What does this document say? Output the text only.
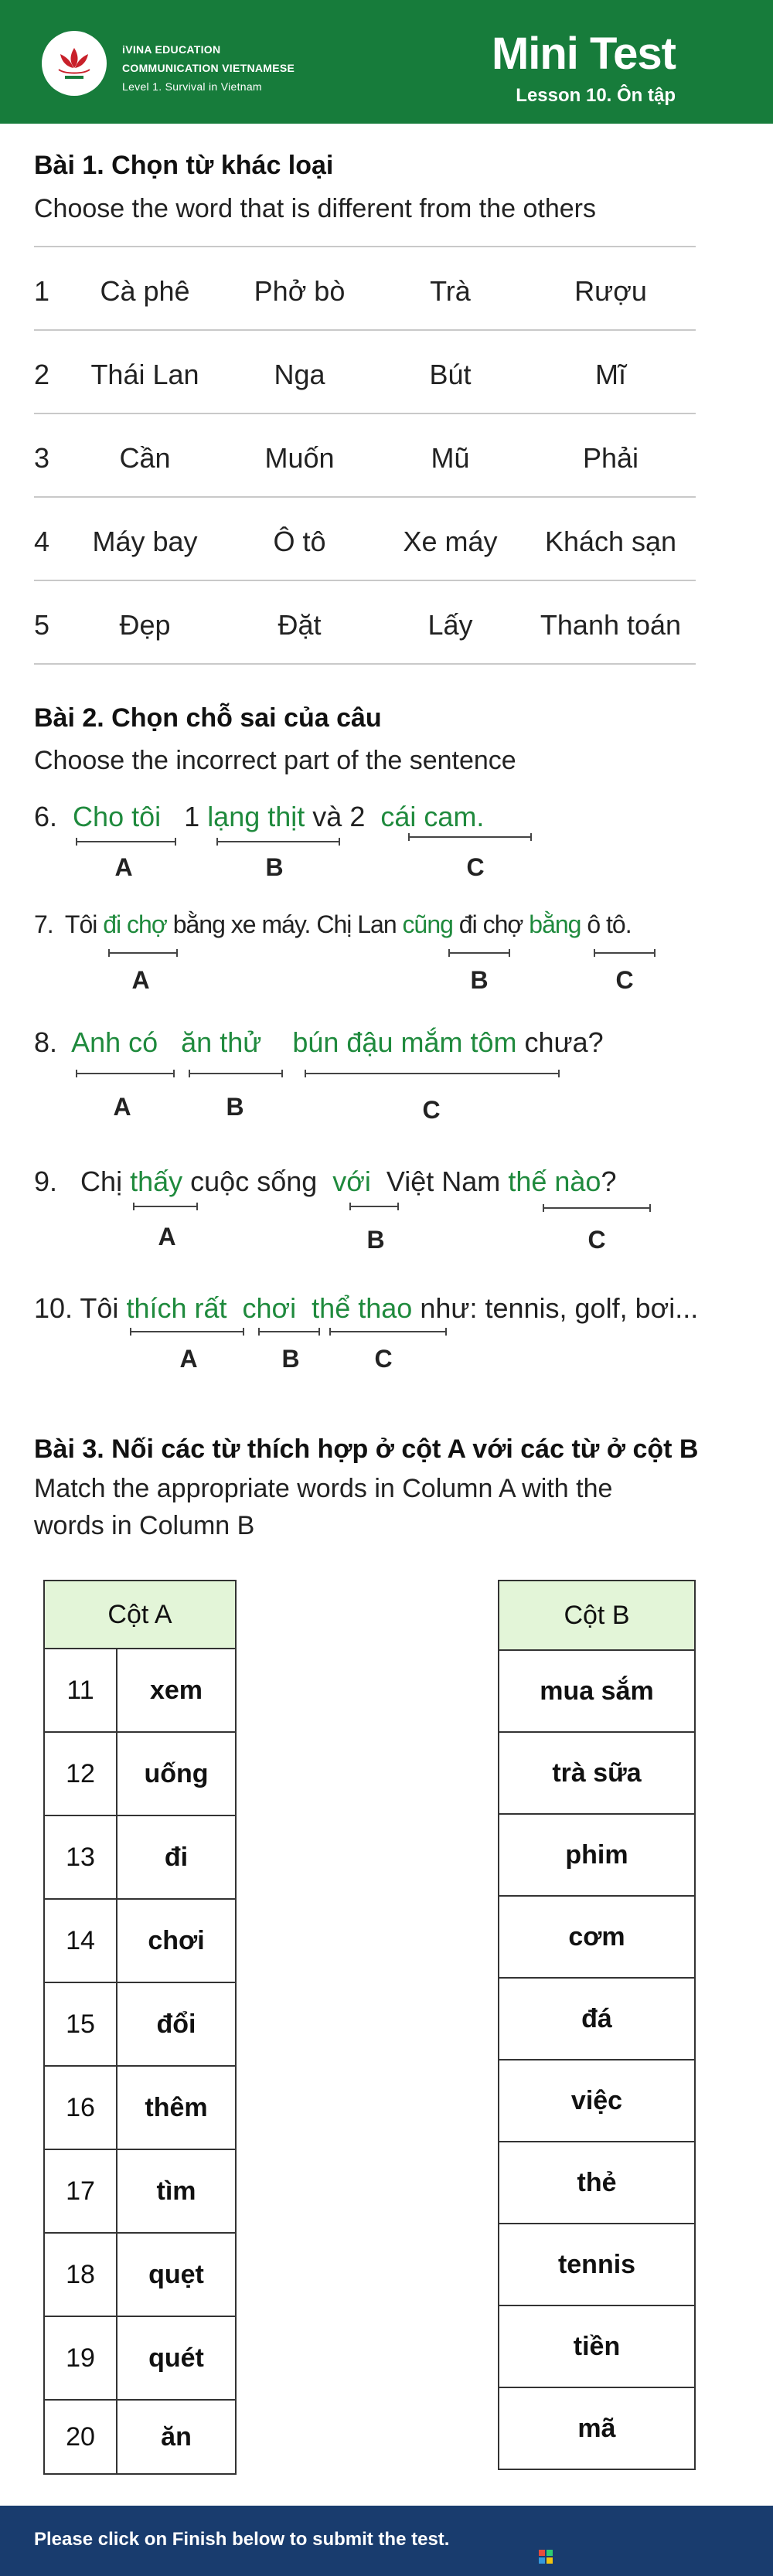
iVINA EDUCATION
COMMUNICATION VIETNAMESE
Level 1. Survival in Vietnam
Mini Test
Lesson 10. Ôn tập
Bài 1. Chọn từ khác loại
Choose the word that is different from the others
1	Cà phê	Phở bò	Trà	Rượu
2	Thái Lan	Nga	Bút	Mĩ
3	Cần	Muốn	Mũ	Phải
4	Máy bay	Ô tô	Xe máy	Khách sạn
5	Đẹp	Đặt	Lấy	Thanh toán
Bài 2. Chọn chỗ sai của câu
Choose the incorrect part of the sentence
6. Cho tôi 1 lạng thịt và 2 cái cam.
A	B	C
7. Tôi đi chợ bằng xe máy. Chị Lan cũng đi chợ bằng ô tô.
A	B	C
8. Anh có ăn thử bún đậu mắm tôm chưa?
A	B	C
9. Chị thấy cuộc sống với Việt Nam thế nào?
A	B	C
10. Tôi thích rất chơi thể thao như: tennis, golf, bơi...
A	B	C
Bài 3. Nối các từ thích hợp ở cột A với các từ ở cột B
Match the appropriate words in Column A with the
words in Column B
Cột A	
11	xem
12	uống
13	đi
14	chơi
15	đổi
16	thêm
17	tìm
18	quẹt
19	quét
20	ăn
Cột B
mua sắm
trà sữa
phim
cơm
đá
việc
thẻ
tennis
tiền
mã
Please click on Finish below to submit the test.
